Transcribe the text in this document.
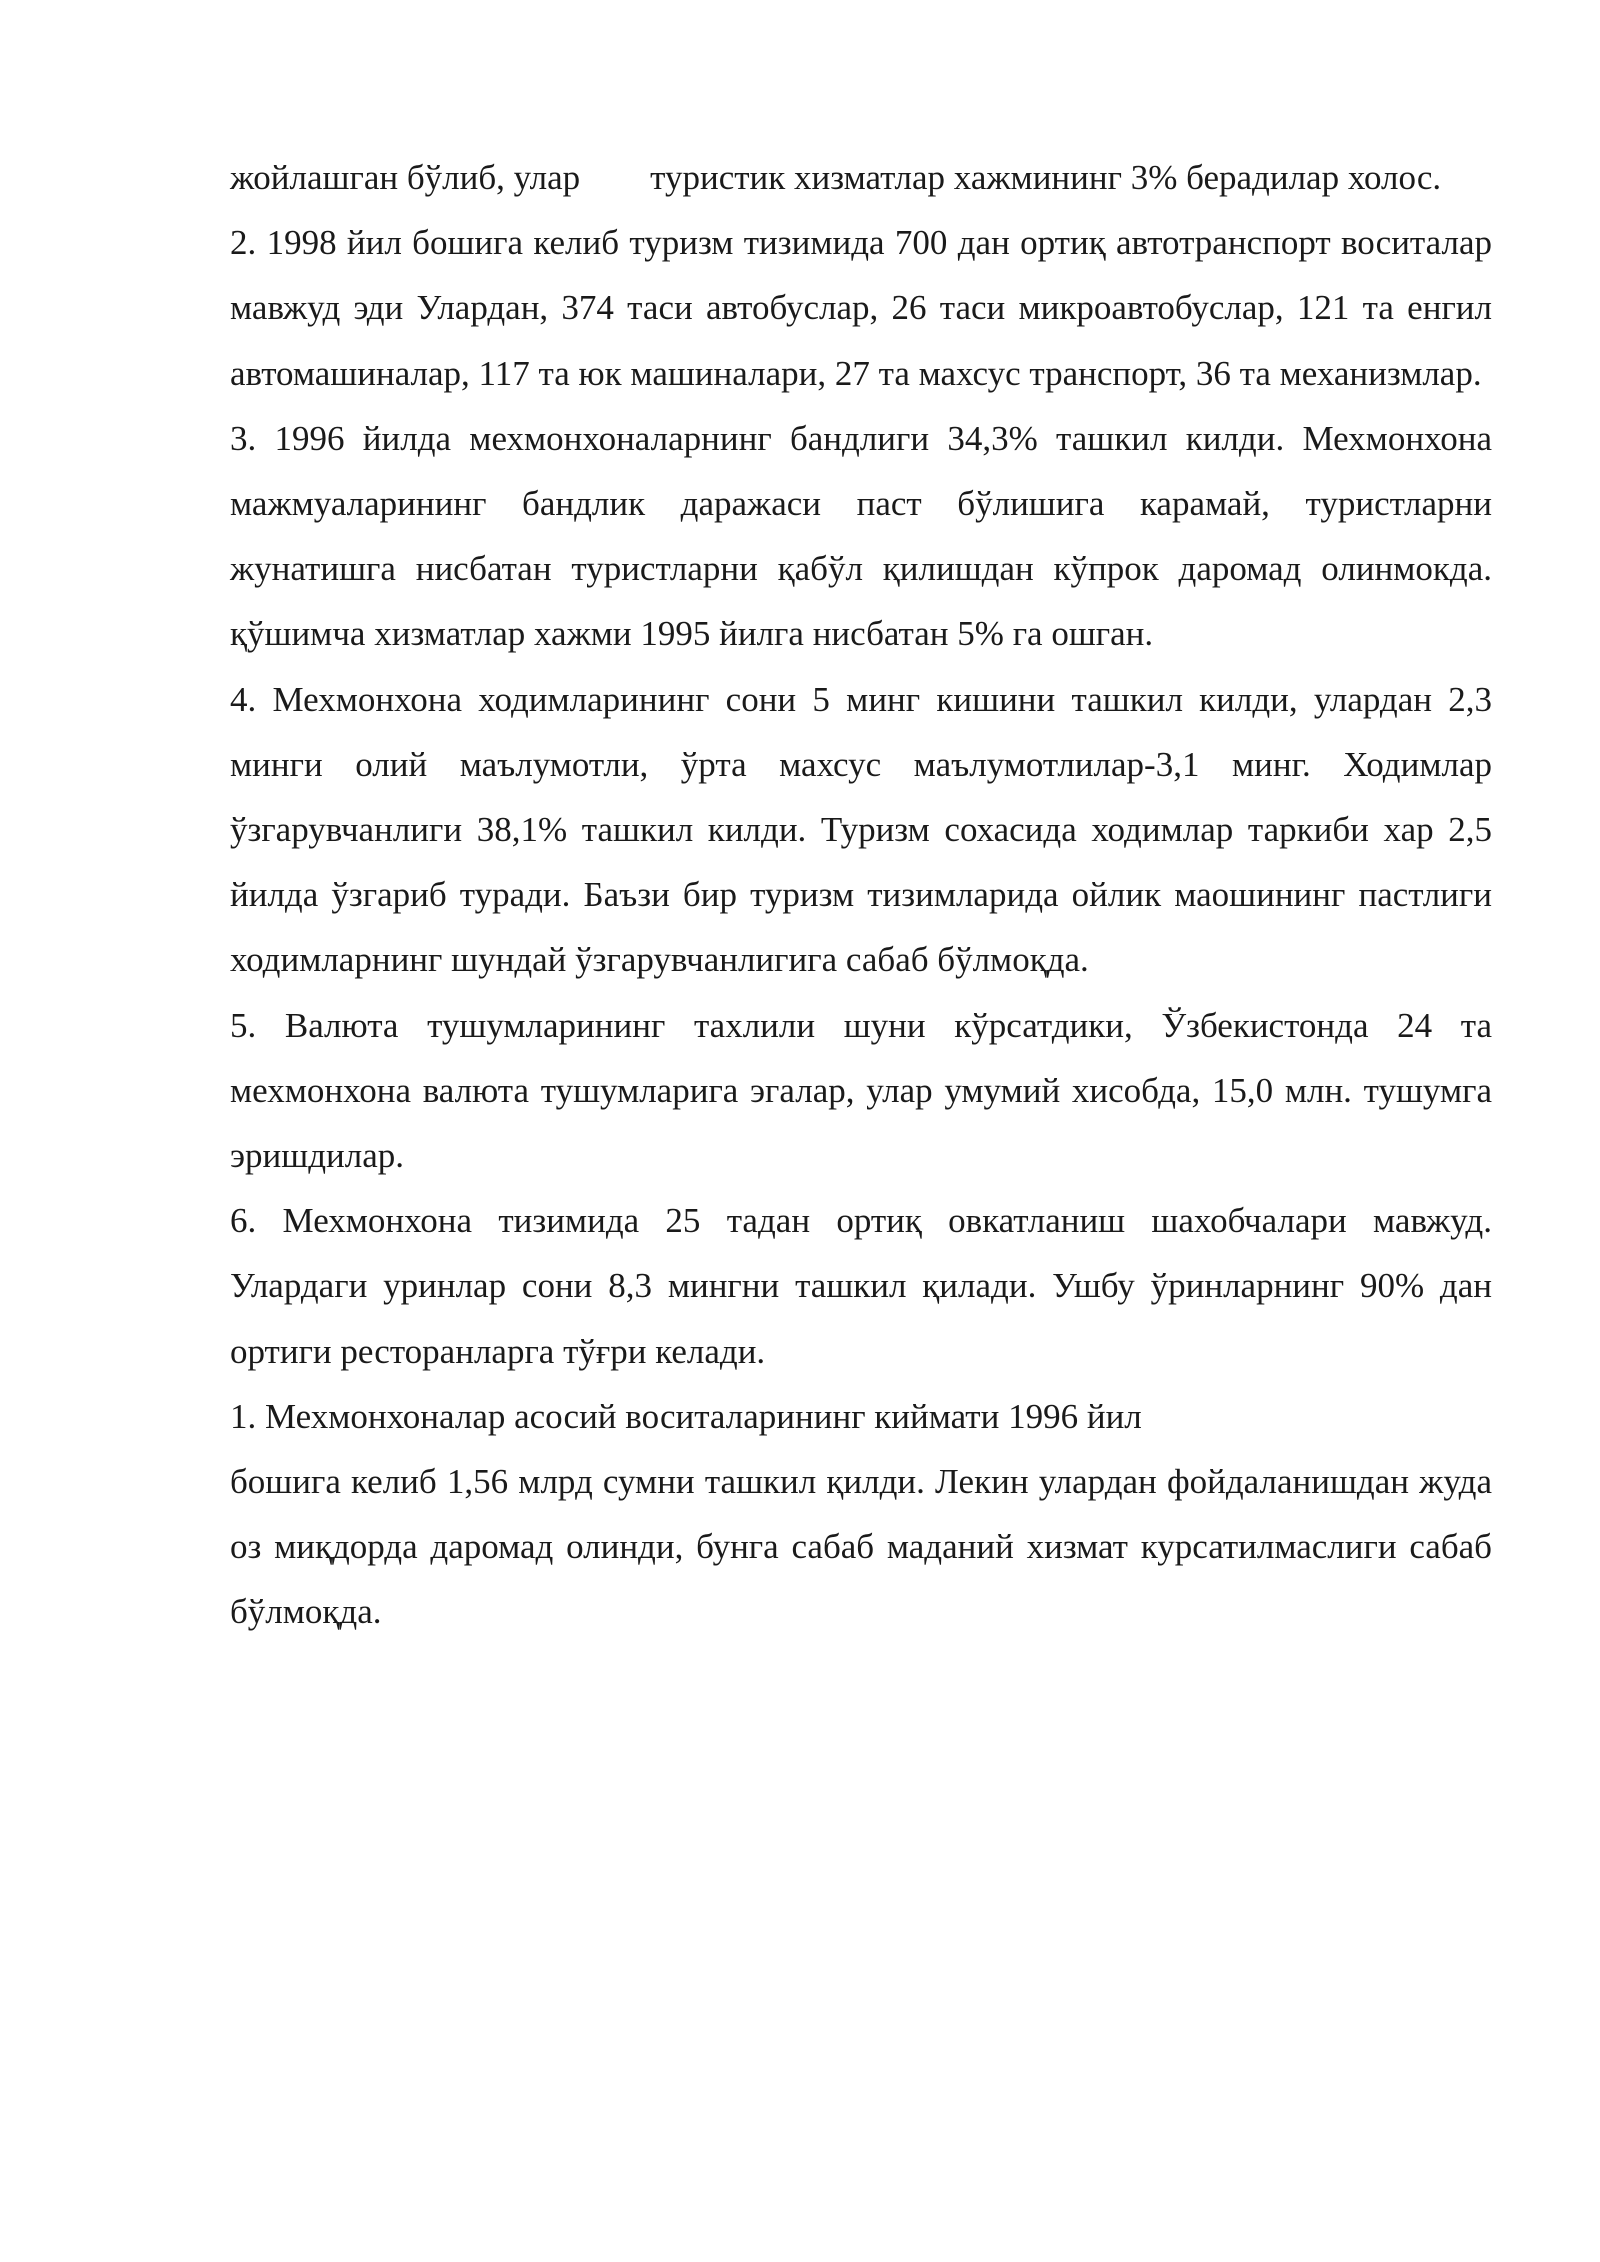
жойлашган бўлиб, улар туристик хизматлар хажмининг 3% берадилар холос.

2. 1998 йил бошига келиб туризм тизимида 700 дан ортиқ автотранспорт воситалар мавжуд эди Улардан, 374 таси автобуслар, 26 таси микроавтобуслар, 121 та енгил автомашиналар, 117 та юк машиналари, 27 та махсус транспорт, 36 та механизмлар.

3. 1996 йилда мехмонхоналарнинг бандлиги 34,3% ташкил килди. Мехмонхона мажмуаларининг бандлик даражаси паст бўлишига карамай, туристларни жунатишга нисбатан туристларни қабўл қилишдан кўпрок даромад олинмокда. қўшимча хизматлар хажми 1995 йилга нисбатан 5% га ошган.

4. Мехмонхона ходимларининг сони 5 минг кишини ташкил килди, улардан 2,3 минги олий маълумотли, ўрта махсус маълумотлилар-3,1 минг. Ходимлар ўзгарувчанлиги 38,1% ташкил килди. Туризм сохасида ходимлар таркиби хар 2,5 йилда ўзгариб туради. Баъзи бир туризм тизимларида ойлик маошининг пастлиги ходимларнинг шундай ўзгарувчанлигига сабаб бўлмоқда.

5. Валюта тушумларининг тахлили шуни кўрсатдики, Ўзбекистонда 24 та мехмонхона валюта тушумларига эгалар, улар умумий хисобда, 15,0 млн. тушумга эришдилар.

6. Мехмонхона тизимида 25 тадан ортиқ овкатланиш шахобчалари мавжуд. Улардаги уринлар сони 8,3 мингни ташкил қилади. Ушбу ўринларнинг 90% дан ортиги ресторанларга тўғри келади.

1. Мехмонхоналар асосий воситаларининг киймати 1996 йил

бошига келиб 1,56 млрд сумни ташкил қилди. Лекин улардан фойдаланишдан жуда оз миқдорда даромад олинди, бунга сабаб маданий хизмат курсатилмаслиги сабаб бўлмоқда.
